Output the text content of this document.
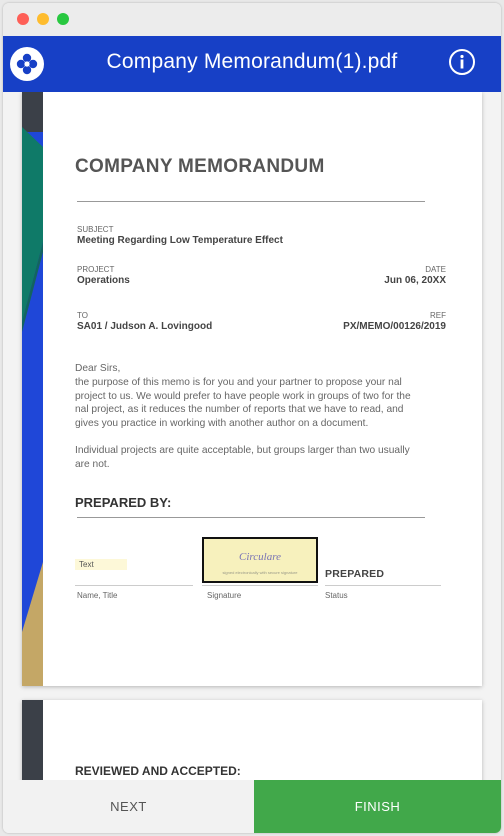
Company Memorandum(1).pdf
COMPANY MEMORANDUM
SUBJECT
Meeting Regarding Low Temperature Effect
PROJECT
Operations
DATE
Jun 06, 20XX
TO
SA01 / Judson A. Lovingood
REF
PX/MEMO/00126/2019
Dear Sirs,
the purpose of this memo is for you and your partner to propose your nal project to us. We would prefer to have people work in groups of two for the nal project, as it reduces the number of reports that we have to read, and gives you practice in working with another author on a document.
Individual projects are quite acceptable, but groups larger than two usually are not.
PREPARED BY:
Text
Name, Title
Circulare
signed electronically with secure signature
Signature
PREPARED
Status
REVIEWED AND ACCEPTED:
NEXT	FINISH
